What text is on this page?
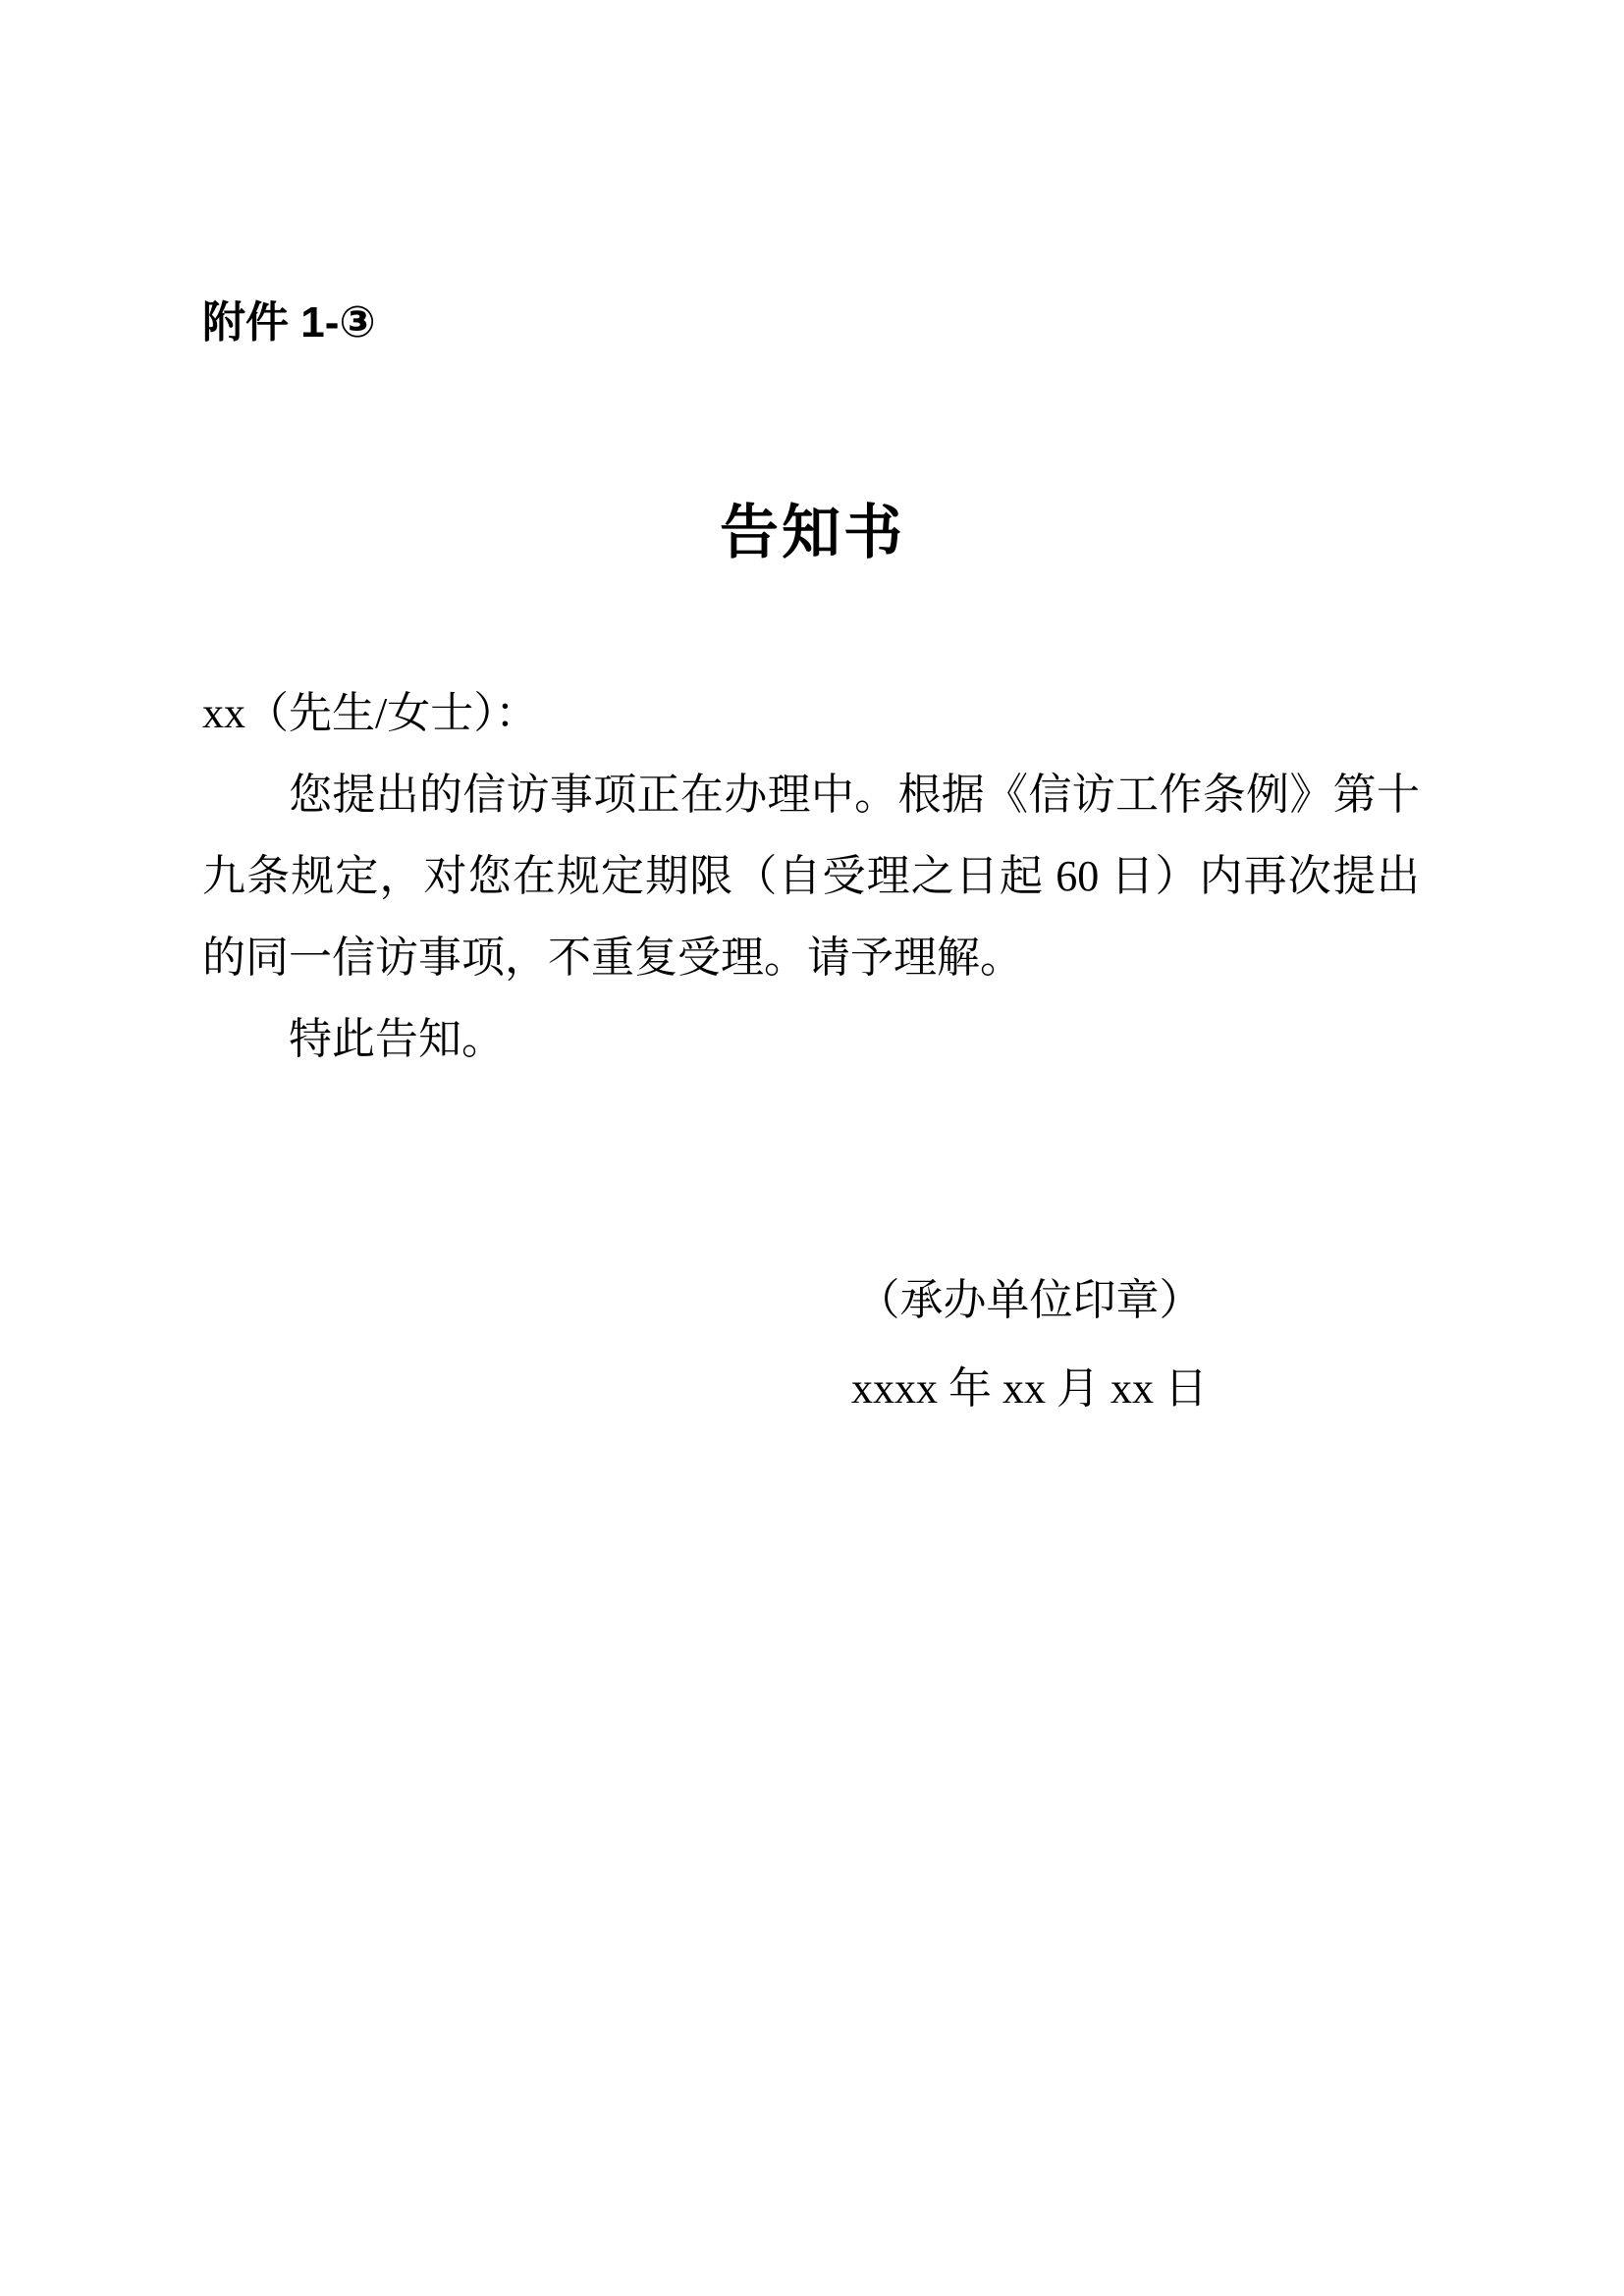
附件 1-③
告知书
xx（先生/女士）：

您提出的信访事项正在办理中。根据《信访工作条例》第十九条规定，对您在规定期限（自受理之日起 60 日）内再次提出的同一信访事项，不重复受理。请予理解。

特此告知。

（承办单位印章）
xxxx 年 xx 月 xx 日
